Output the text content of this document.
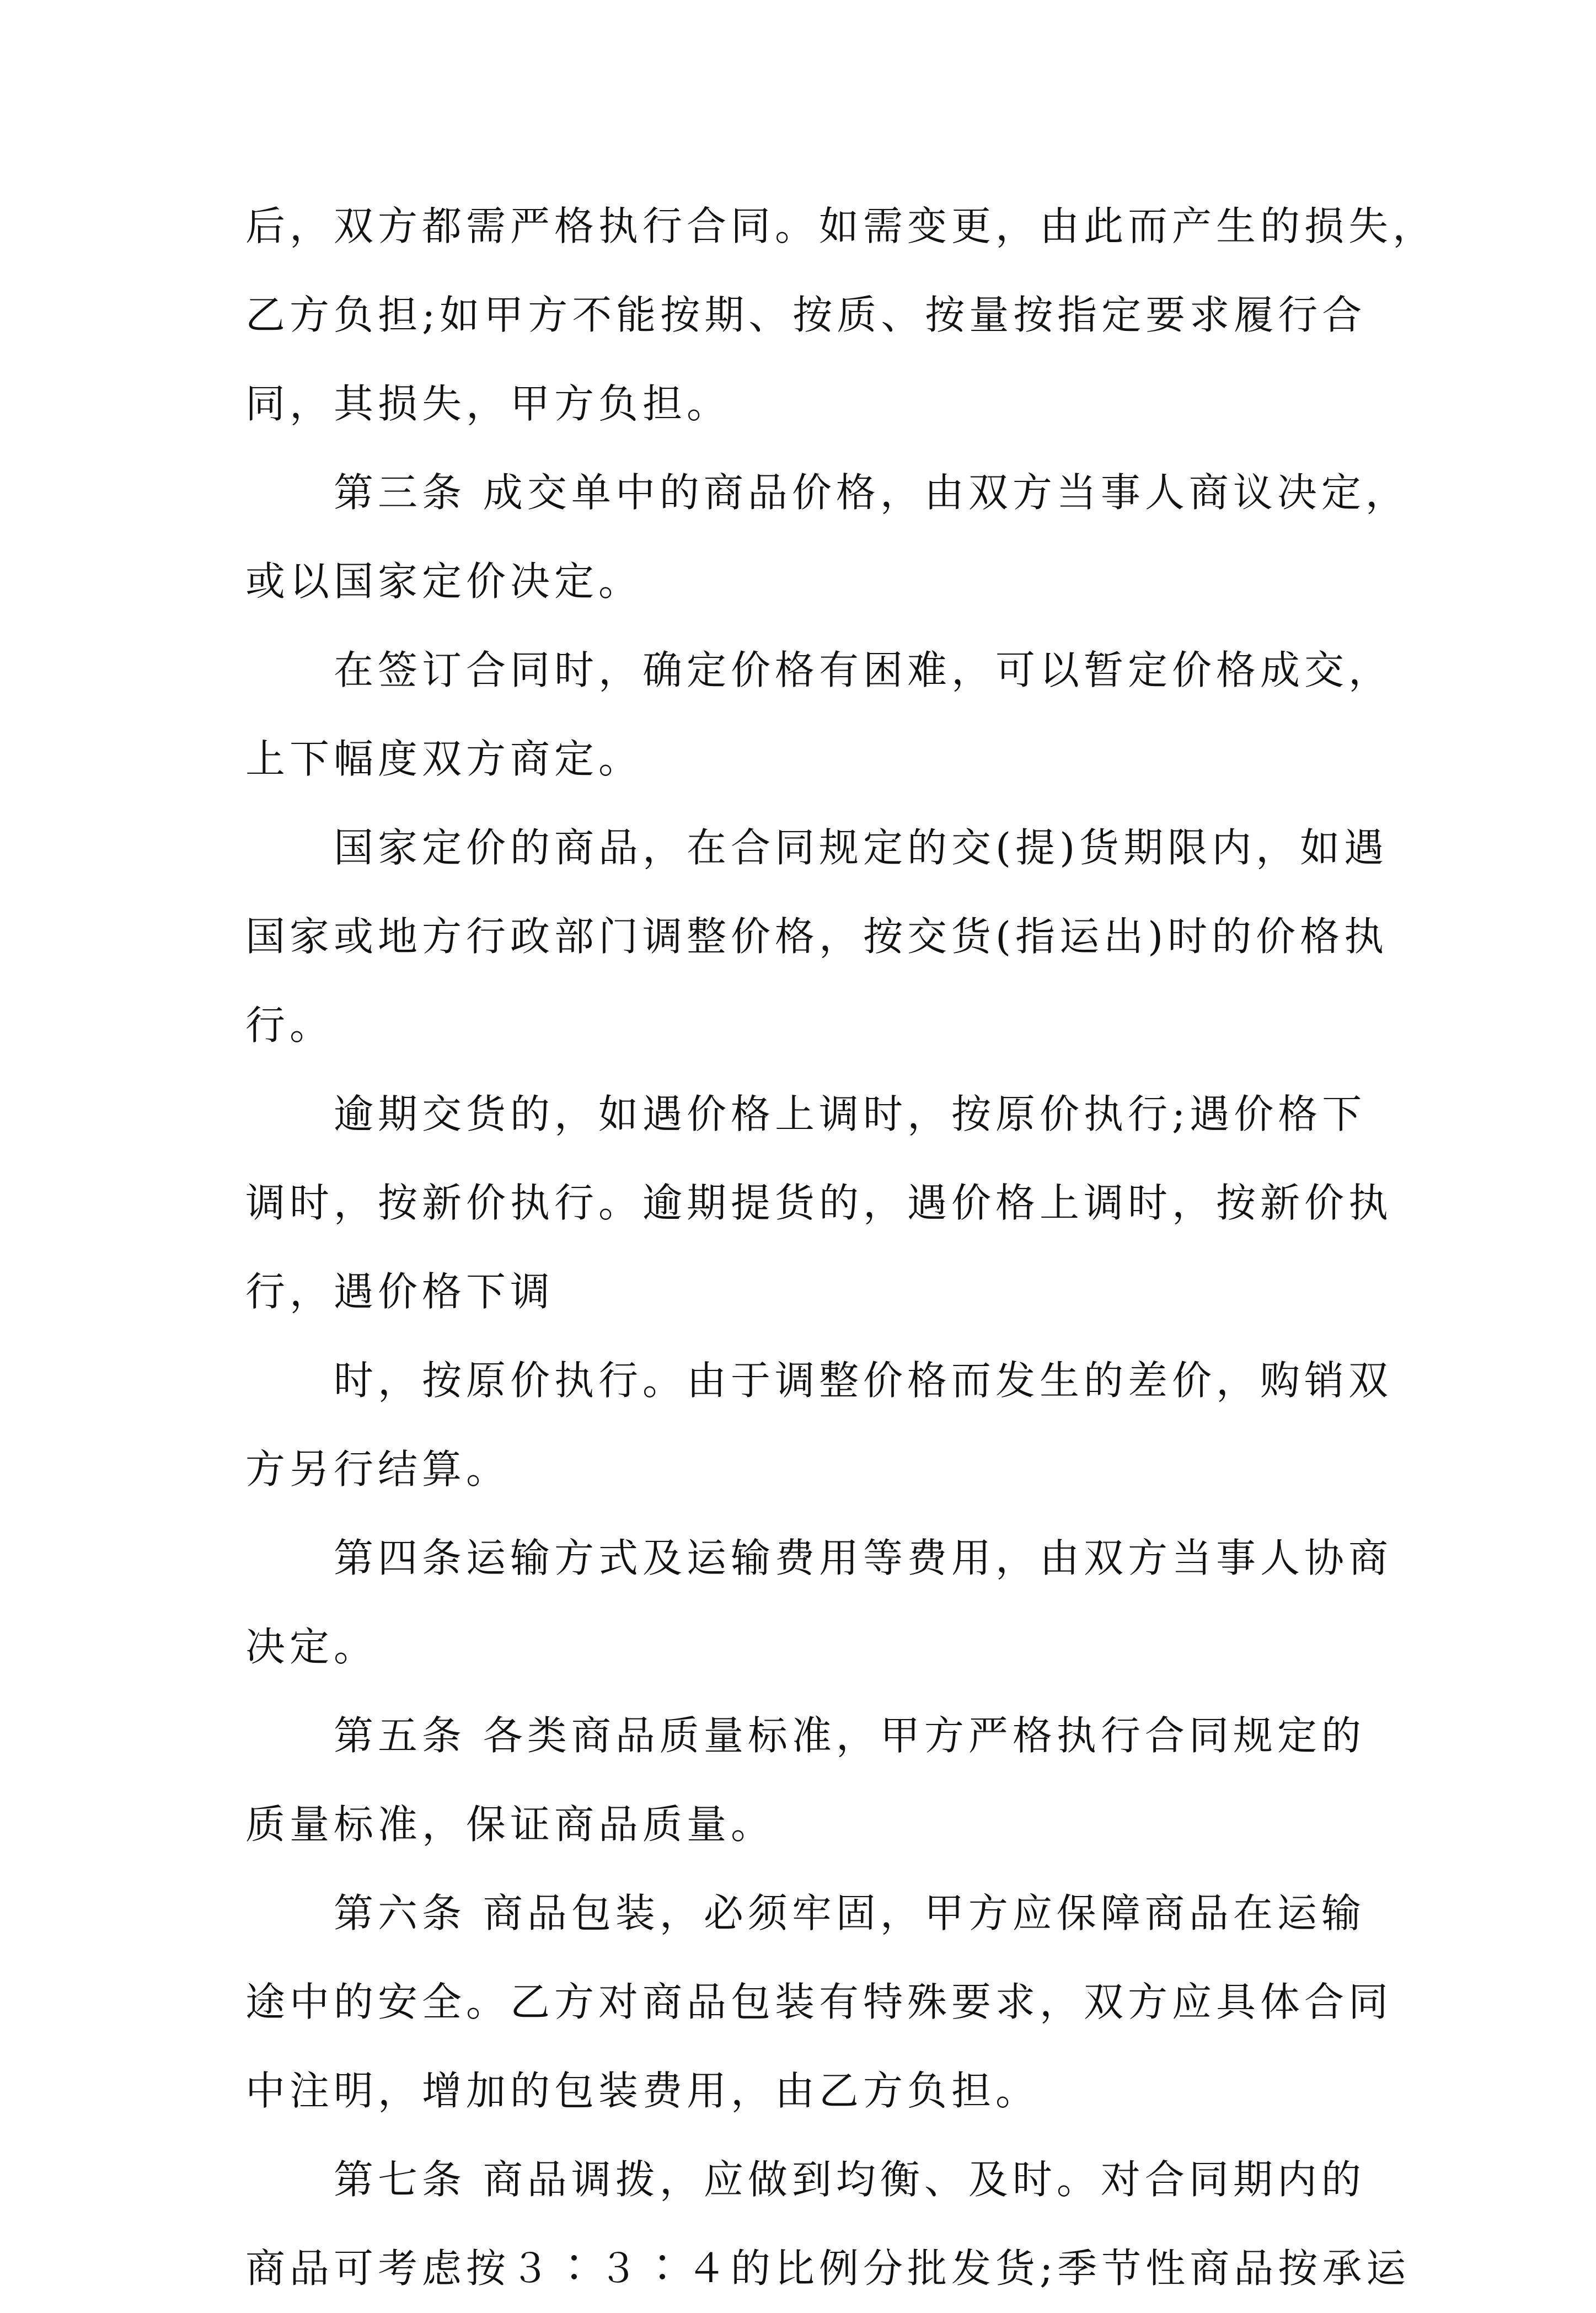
后，双方都需严格执行合同。如需变更，由此而产生的损失，
乙方负担;如甲方不能按期、按质、按量按指定要求履行合
同，其损失，甲方负担。
第三条 成交单中的商品价格，由双方当事人商议决定，
或以国家定价决定。
在签订合同时，确定价格有困难，可以暂定价格成交，
上下幅度双方商定。
国家定价的商品，在合同规定的交(提)货期限内，如遇
国家或地方行政部门调整价格，按交货(指运出)时的价格执
行。
逾期交货的，如遇价格上调时，按原价执行;遇价格下
调时，按新价执行。逾期提货的，遇价格上调时，按新价执
行，遇价格下调
时，按原价执行。由于调整价格而发生的差价，购销双
方另行结算。
第四条运输方式及运输费用等费用，由双方当事人协商
决定。
第五条 各类商品质量标准，甲方严格执行合同规定的
质量标准，保证商品质量。
第六条 商品包装，必须牢固，甲方应保障商品在运输
途中的安全。乙方对商品包装有特殊要求，双方应具体合同
中注明，增加的包装费用，由乙方负担。
第七条 商品调拨，应做到均衡、及时。对合同期内的
商品可考虑按３∶３∶４的比例分批发货;季节性商品按承运
